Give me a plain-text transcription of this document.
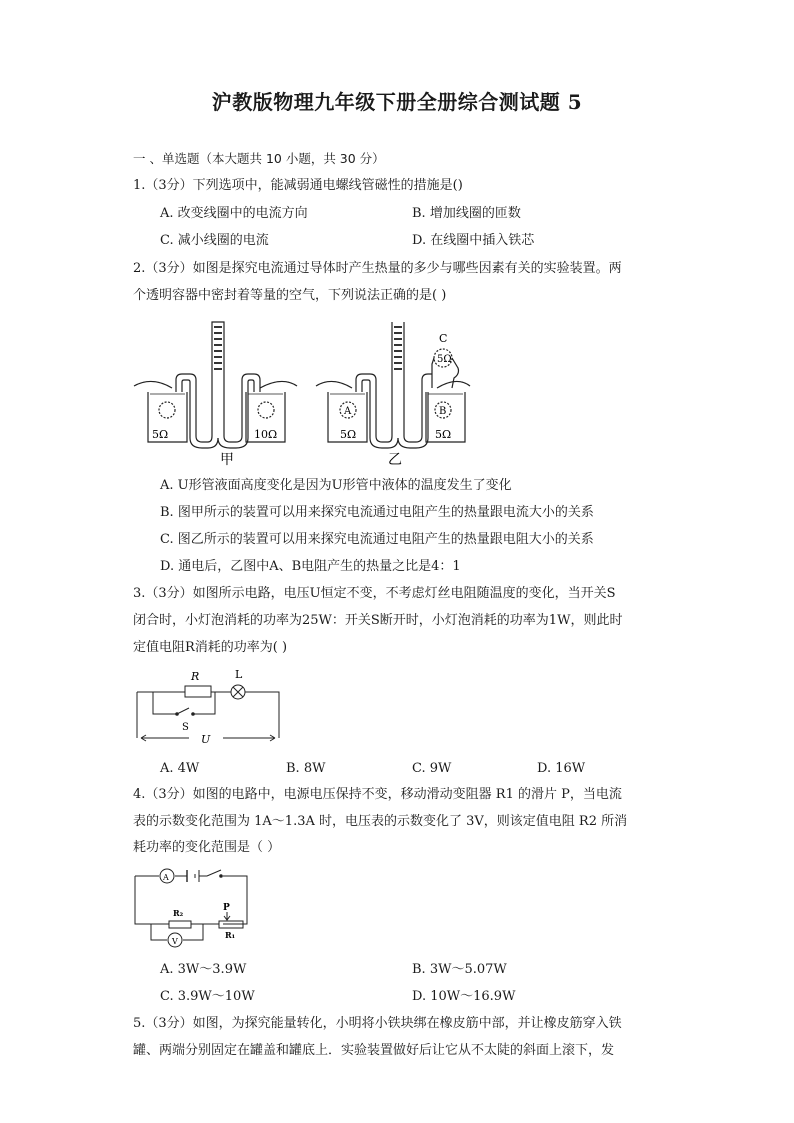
沪教版物理九年级下册全册综合测试题 5
一 、单选题（本大题共 10 小题，共 30 分）
1.（3分）下列选项中，能减弱通电螺线管磁性的措施是()
A. 改变线圈中的电流方向	B. 增加线圈的匝数
C. 减小线圈的电流	D. 在线圈中插入铁芯
2.（3分）如图是探究电流通过导体时产生热量的多少与哪些因素有关的实验装置。两
个透明容器中密封着等量的空气，下列说法正确的是( )
5Ω	10Ω	5Ω	5Ω
5Ω
C
A	B
甲	乙
A. U形管液面高度变化是因为U形管中液体的温度发生了变化
B. 图甲所示的装置可以用来探究电流通过电阻产生的热量跟电流大小的关系
C. 图乙所示的装置可以用来探究电流通过电阻产生的热量跟电阻大小的关系
D. 通电后，乙图中A、B电阻产生的热量之比是4：1
3.（3分）如图所示电路，电压U恒定不变，不考虑灯丝电阻随温度的变化，当开关S
闭合时，小灯泡消耗的功率为25W：开关S断开时，小灯泡消耗的功率为1W，则此时
定值电阻R消耗的功率为( )
R	L
S
U
A. 4W	B. 8W	C. 9W	D. 16W
4.（3分）如图的电路中，电源电压保持不变，移动滑动变阻器 R1 的滑片 P，当电流
表的示数变化范围为 1A～1.3A 时，电压表的示数变化了 3V，则该定值电阻 R2 所消
耗功率的变化范围是（ ）
A
V
R₂
R₁
P
A. 3W～3.9W	B. 3W～5.07W
C. 3.9W～10W	D. 10W～16.9W
5.（3分）如图，为探究能量转化，小明将小铁块绑在橡皮筋中部，并让橡皮筋穿入铁
罐、两端分别固定在罐盖和罐底上．实验装置做好后让它从不太陡的斜面上滚下，发
